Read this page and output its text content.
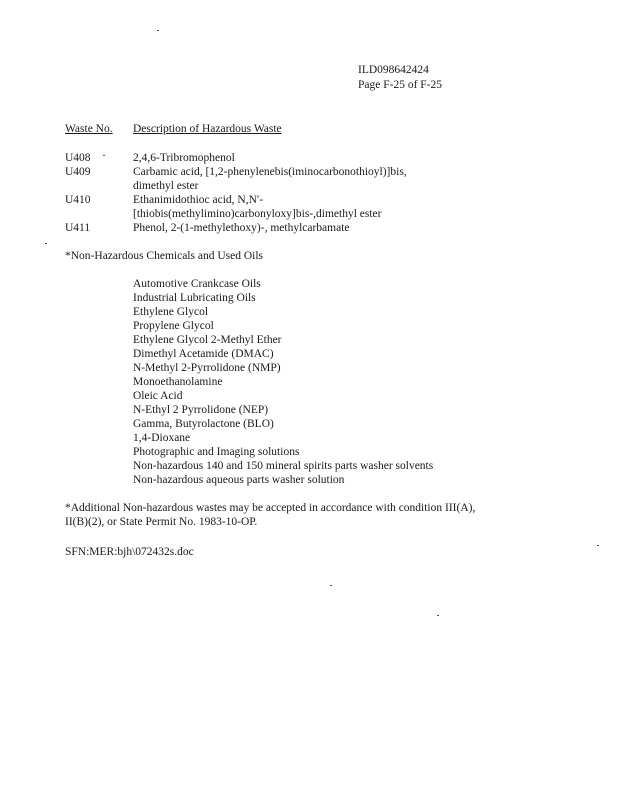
ILD098642424
Page F-25 of F-25
Waste No. Description of Hazardous Waste
U408	2,4,6-Tribromophenol
U409	Carbamic acid, [1,2-phenylenebis(iminocarbonothioyl)]bis,
dimethyl ester
U410	Ethanimidothioc acid, N,N′-
[thiobis(methylimino)carbonyloxy]bis-,dimethyl ester
U411	Phenol, 2-(1-methylethoxy)-, methylcarbamate
*Non-Hazardous Chemicals and Used Oils
Automotive Crankcase Oils
Industrial Lubricating Oils
Ethylene Glycol
Propylene Glycol
Ethylene Glycol 2-Methyl Ether
Dimethyl Acetamide (DMAC)
N-Methyl 2-Pyrrolidone (NMP)
Monoethanolamine
Oleic Acid
N-Ethyl 2 Pyrrolidone (NEP)
Gamma, Butyrolactone (BLO)
1,4-Dioxane
Photographic and Imaging solutions
Non-hazardous 140 and 150 mineral spirits parts washer solvents
Non-hazardous aqueous parts washer solution
*Additional Non-hazardous wastes may be accepted in accordance with condition III(A),
II(B)(2), or State Permit No. 1983-10-OP.
SFN:MER:bjh\072432s.doc
